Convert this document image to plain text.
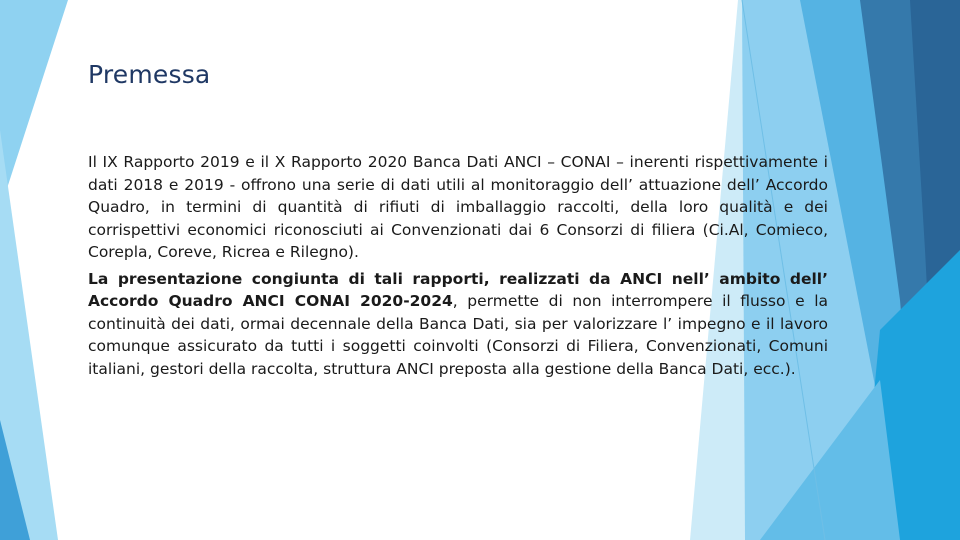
Premessa

Il IX Rapporto 2019 e il X Rapporto 2020 Banca Dati ANCI – CONAI – inerenti rispettivamente i dati 2018 e 2019 - offrono una serie di dati utili al monitoraggio dell’ attuazione dell’ Accordo Quadro, in termini di quantità di rifiuti di imballaggio raccolti, della loro qualità e dei corrispettivi economici riconosciuti ai Convenzionati dai 6 Consorzi di filiera (Ci.Al, Comieco, Corepla, Coreve, Ricrea e Rilegno).

La presentazione congiunta di tali rapporti, realizzati da ANCI nell’ ambito dell’ Accordo Quadro ANCI CONAI 2020-2024, permette di non interrompere il flusso e la continuità dei dati, ormai decennale della Banca Dati, sia per valorizzare l’ impegno e il lavoro comunque assicurato da tutti i soggetti coinvolti (Consorzi di Filiera, Convenzionati, Comuni italiani, gestori della raccolta, struttura ANCI preposta alla gestione della Banca Dati, ecc.).
